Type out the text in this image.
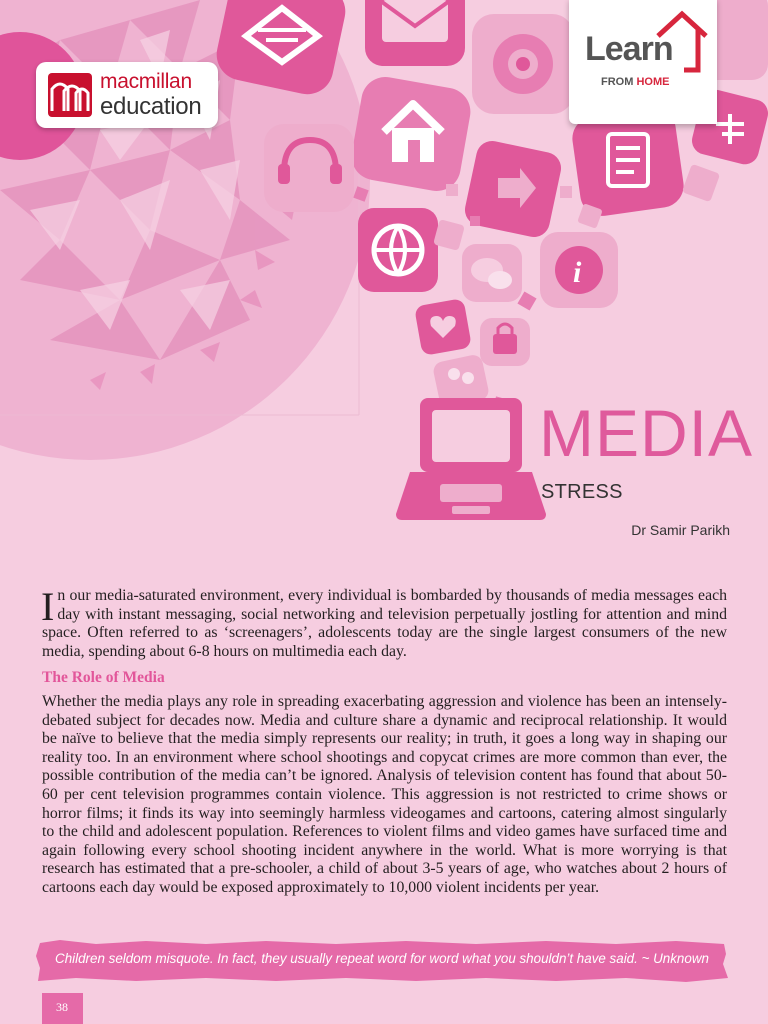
i
macmillan
education
Learn
FROM HOME
MEDIA
STRESS
Dr Samir Parikh
In our media-saturated environment, every individual is bombarded by thousands of media messages each day with instant messaging, social networking and television perpetually jostling for attention and mind space. Often referred to as ‘screenagers’, adolescents today are the single largest consumers of the new media, spending about 6-8 hours on multimedia each day.
The Role of Media
Whether the media plays any role in spreading exacerbating aggression and violence has been an intensely-debated subject for decades now. Media and culture share a dynamic and reciprocal relationship. It would be naïve to believe that the media simply represents our reality; in truth, it goes a long way in shaping our reality too. In an environment where school shootings and copycat crimes are more common than ever, the possible contribution of the media can’t be ignored. Analysis of television content has found that about 50-60 per cent television programmes contain violence. This aggression is not restricted to crime shows or horror films; it finds its way into seemingly harmless videogames and cartoons, catering almost singularly to the child and adolescent population. References to violent films and video games have surfaced time and again following every school shooting incident anywhere in the world. What is more worrying is that research has estimated that a pre-schooler, a child of about 3-5 years of age, who watches about 2 hours of cartoons each day would be exposed approximately to 10,000 violent incidents per year.
Children seldom misquote. In fact, they usually repeat word for word what you shouldn’t have said. ~ Unknown
38
